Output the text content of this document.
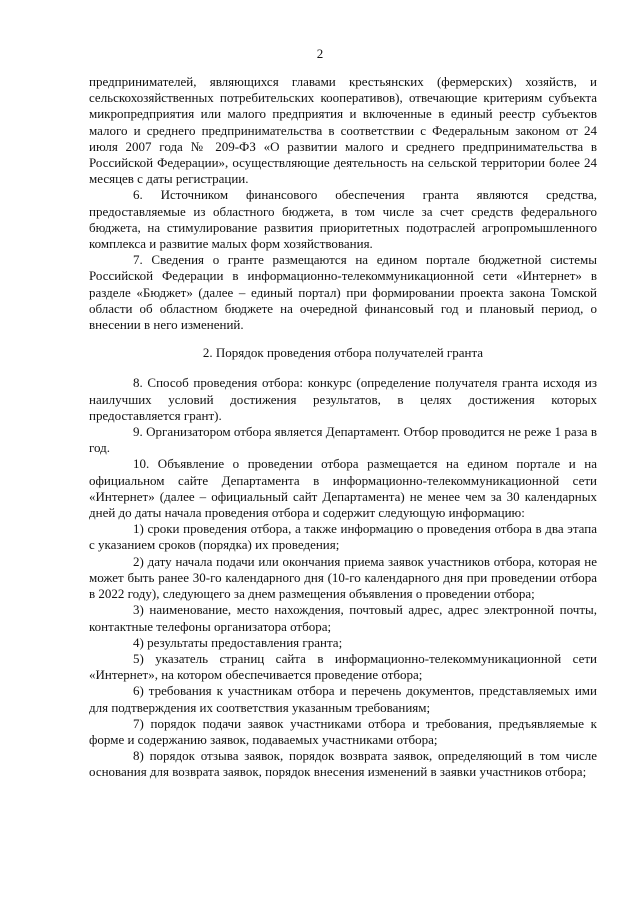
2

предпринимателей, являющихся главами крестьянских (фермерских) хозяйств, и сельскохозяйственных потребительских кооперативов), отвечающие критериям субъекта микропредприятия или малого предприятия и включенные в единый реестр субъектов малого и среднего предпринимательства в соответствии с Федеральным законом от 24 июля 2007 года № 209-ФЗ «О развитии малого и среднего предпринимательства в Российской Федерации», осуществляющие деятельность на сельской территории более 24 месяцев с даты регистрации.

6. Источником финансового обеспечения гранта являются средства, предоставляемые из областного бюджета, в том числе за счет средств федерального бюджета, на стимулирование развития приоритетных подотраслей агропромышленного комплекса и развитие малых форм хозяйствования.

7. Сведения о гранте размещаются на едином портале бюджетной системы Российской Федерации в информационно-телекоммуникационной сети «Интернет» в разделе «Бюджет» (далее – единый портал) при формировании проекта закона Томской области об областном бюджете на очередной финансовый год и плановый период, о внесении в него изменений.

2. Порядок проведения отбора получателей гранта

8. Способ проведения отбора: конкурс (определение получателя гранта исходя из наилучших условий достижения результатов, в целях достижения которых предоставляется грант).

9. Организатором отбора является Департамент. Отбор проводится не реже 1 раза в год.

10. Объявление о проведении отбора размещается на едином портале и на официальном сайте Департамента в информационно-телекоммуникационной сети «Интернет» (далее – официальный сайт Департамента) не менее чем за 30 календарных дней до даты начала проведения отбора и содержит следующую информацию:

1) сроки проведения отбора, а также информацию о проведения отбора в два этапа с указанием сроков (порядка) их проведения;

2) дату начала подачи или окончания приема заявок участников отбора, которая не может быть ранее 30-го календарного дня (10-го календарного дня при проведении отбора в 2022 году), следующего за днем размещения объявления о проведении отбора;

3) наименование, место нахождения, почтовый адрес, адрес электронной почты, контактные телефоны организатора отбора;

4) результаты предоставления гранта;

5) указатель страниц сайта в информационно-телекоммуникационной сети «Интернет», на котором обеспечивается проведение отбора;

6) требования к участникам отбора и перечень документов, представляемых ими для подтверждения их соответствия указанным требованиям;

7) порядок подачи заявок участниками отбора и требования, предъявляемые к форме и содержанию заявок, подаваемых участниками отбора;

8) порядок отзыва заявок, порядок возврата заявок, определяющий в том числе основания для возврата заявок, порядок внесения изменений в заявки участников отбора;
